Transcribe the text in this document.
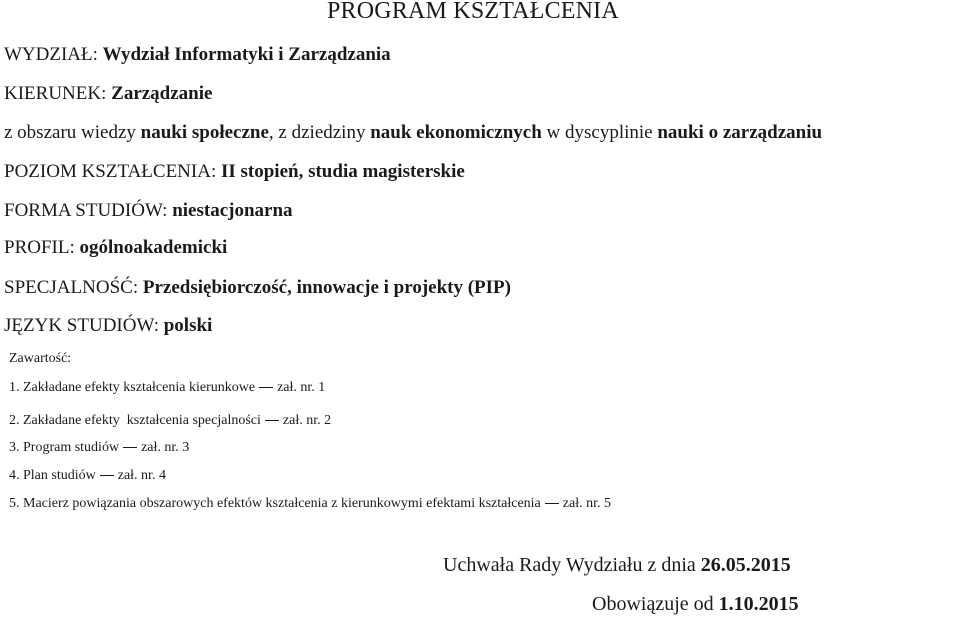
PROGRAM KSZTAŁCENIA
WYDZIAŁ: Wydział Informatyki i Zarządzania
KIERUNEK: Zarządzanie
z obszaru wiedzy nauki społeczne, z dziedziny nauk ekonomicznych w dyscyplinie nauki o zarządzaniu
POZIOM KSZTAŁCENIA: II stopień, studia magisterskie
FORMA STUDIÓW: niestacjonarna
PROFIL: ogólnoakademicki
SPECJALNOŚĆ: Przedsiębiorczość, innowacje i projekty (PIP)
JĘZYK STUDIÓW: polski
Zawartość:
1. Zakładane efekty kształcenia kierunkowe zał. nr. 1
2. Zakładane efekty  kształcenia specjalności zał. nr. 2
3. Program studiów zał. nr. 3
4. Plan studiów zał. nr. 4
5. Macierz powiązania obszarowych efektów kształcenia z kierunkowymi efektami kształcenia zał. nr. 5
Uchwała Rady Wydziału z dnia 26.05.2015
Obowiązuje od 1.10.2015
